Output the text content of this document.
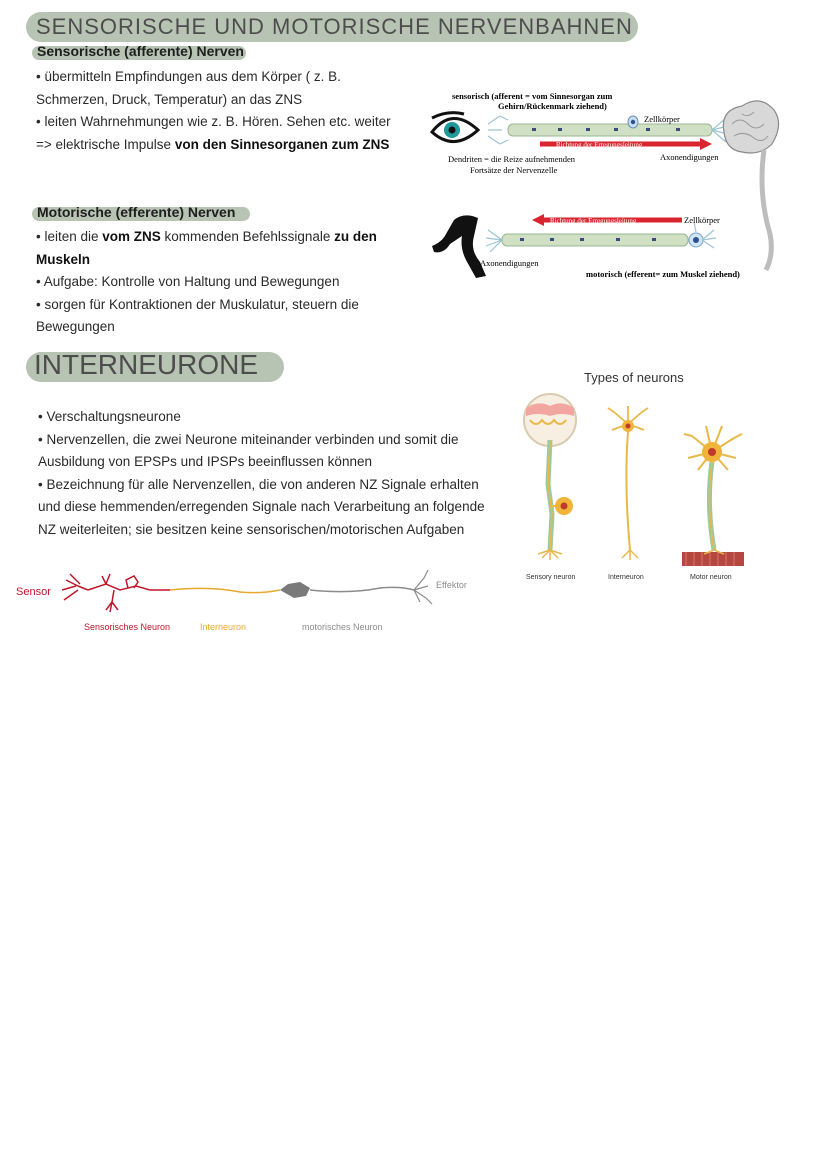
SENSORISCHE UND MOTORISCHE NERVENBAHNEN
Sensorische (afferente) Nerven
• übermitteln Empfindungen aus dem Körper ( z. B.
Schmerzen, Druck, Temperatur) an das ZNS
• leiten Wahrnehmungen wie z. B. Hören. Sehen etc. weiter
=> elektrische Impulse von den Sinnesorganen zum ZNS
Motorische (efferente) Nerven
• leiten die vom ZNS kommenden Befehlssignale zu den
Muskeln
• Aufgabe: Kontrolle von Haltung und Bewegungen
• sorgen für Kontraktionen der Muskulatur, steuern die
Bewegungen
sensorisch (afferent = vom Sinnesorgan zum
Gehirn/Rückenmark ziehend)
Zellkörper
Richtung der Erregungsleitung
Axonendigungen
Dendriten = die Reize aufnehmenden
Fortsätze der Nervenzelle
Richtung der Erregungsleitung	Zellkörper
Axonendigungen
motorisch (efferent= zum Muskel ziehend)
INTERNEURONE
• Verschaltungsneurone
• Nervenzellen, die zwei Neurone miteinander verbinden und somit die
Ausbildung von EPSPs und IPSPs beeinflussen können
• Bezeichnung für alle Nervenzellen, die von anderen NZ Signale erhalten
und diese hemmenden/erregenden Signale nach Verarbeitung an folgende
NZ weiterleiten; sie besitzen keine sensorischen/motorischen Aufgaben
Types of neurons
Sensory neuron	Interneuron	Motor neuron
Sensor
Effektor
Sensorisches Neuron	Interneuron	motorisches Neuron
